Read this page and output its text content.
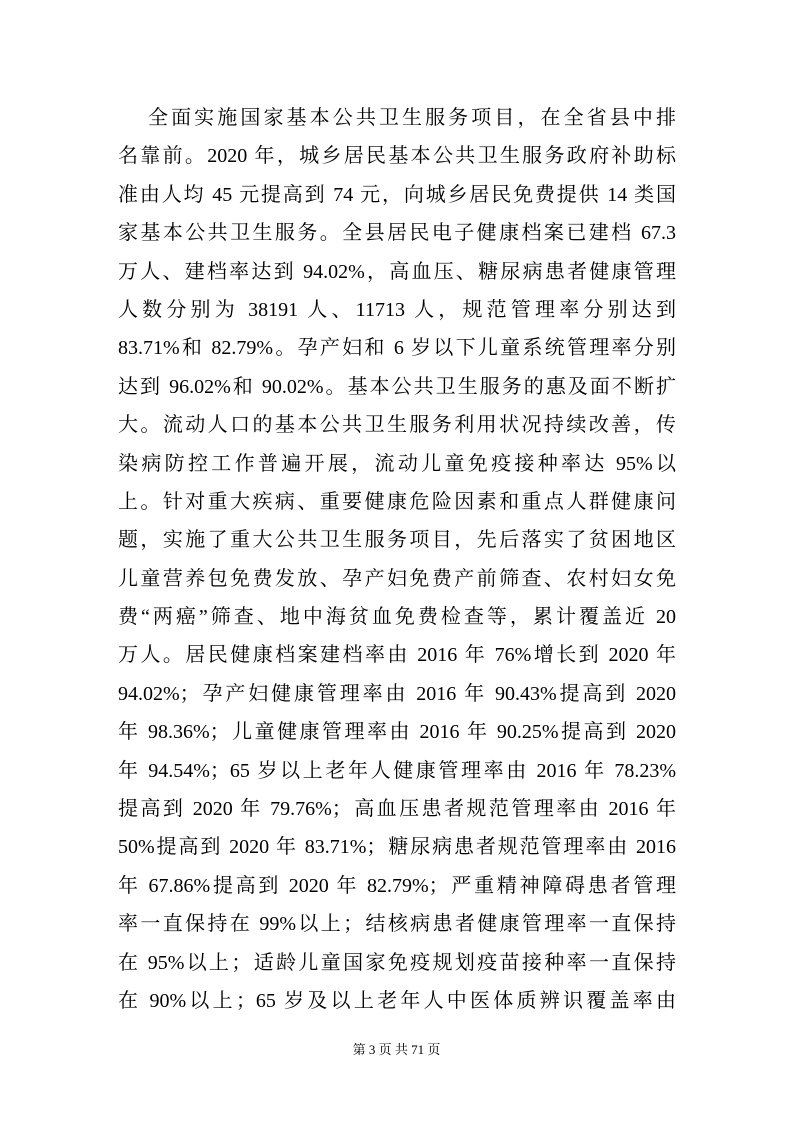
全面实施国家基本公共卫生服务项目，在全省县中排
名靠前。2020 年，城乡居民基本公共卫生服务政府补助标
准由人均 45 元提高到 74 元，向城乡居民免费提供 14 类国
家基本公共卫生服务。全县居民电子健康档案已建档 67.3
万人、建档率达到 94.02%，高血压、糖尿病患者健康管理
人数分别为 38191 人、11713 人，规范管理率分别达到
83.71%和 82.79%。孕产妇和 6 岁以下儿童系统管理率分别
达到 96.02%和 90.02%。基本公共卫生服务的惠及面不断扩
大。流动人口的基本公共卫生服务利用状况持续改善，传
染病防控工作普遍开展，流动儿童免疫接种率达 95%以
上。针对重大疾病、重要健康危险因素和重点人群健康问
题，实施了重大公共卫生服务项目，先后落实了贫困地区
儿童营养包免费发放、孕产妇免费产前筛查、农村妇女免
费“两癌”筛查、地中海贫血免费检查等，累计覆盖近 20
万人。居民健康档案建档率由 2016 年 76%增长到 2020 年
94.02%；孕产妇健康管理率由 2016 年 90.43%提高到 2020
年 98.36%；儿童健康管理率由 2016 年 90.25%提高到 2020
年 94.54%；65 岁以上老年人健康管理率由 2016 年 78.23%
提高到 2020 年 79.76%；高血压患者规范管理率由 2016 年
50%提高到 2020 年 83.71%；糖尿病患者规范管理率由 2016
年 67.86%提高到 2020 年 82.79%；严重精神障碍患者管理
率一直保持在 99%以上；结核病患者健康管理率一直保持
在 95%以上；适龄儿童国家免疫规划疫苗接种率一直保持
在 90%以上；65 岁及以上老年人中医体质辨识覆盖率由
第 3 页 共 71 页
